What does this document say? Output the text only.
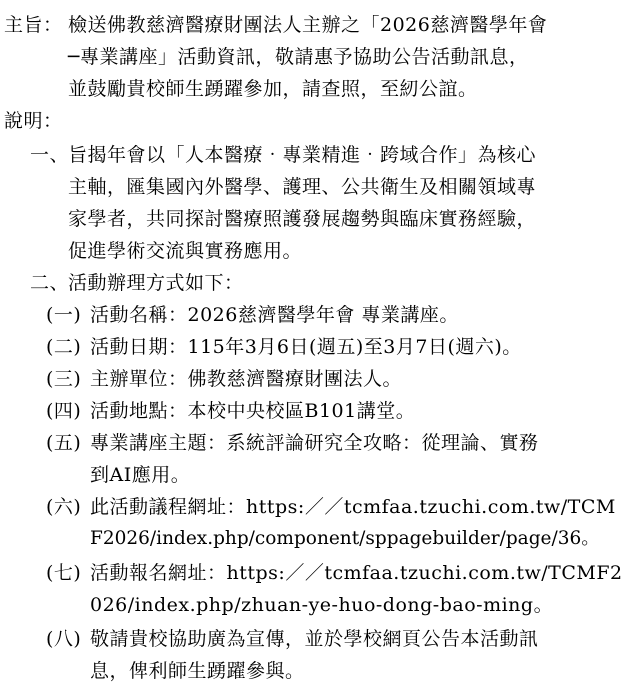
主旨： 檢送佛教慈濟醫療財團法人主辦之「2026慈濟醫學年會
─專業講座」活動資訊，敬請惠予協助公告活動訊息，
並鼓勵貴校師生踴躍參加，請查照，至紉公誼。
說明：
一、
旨揭年會以「人本醫療‧專業精進‧跨域合作」為核心
主軸，匯集國內外醫學、護理、公共衛生及相關領域專
家學者，共同探討醫療照護發展趨勢與臨床實務經驗，
促進學術交流與實務應用。
二、
活動辦理方式如下：
(一) 活動名稱：2026慈濟醫學年會 專業講座。
(二) 活動日期：115年3月6日(週五)至3月7日(週六)。
(三) 主辦單位：佛教慈濟醫療財團法人。
(四) 活動地點：本校中央校區B101講堂。
(五) 專業講座主題：系統評論研究全攻略：從理論、實務
到AI應用。
(六) 此活動議程網址：https:／／tcmfaa.tzuchi.com.tw/TCM
F2026/index.php/component/sppagebuilder/page/36。
(七) 活動報名網址：https:／／tcmfaa.tzuchi.com.tw/TCMF2
026/index.php/zhuan-ye-huo-dong-bao-ming。
(八) 敬請貴校協助廣為宣傳，並於學校網頁公告本活動訊
息，俾利師生踴躍參與。
